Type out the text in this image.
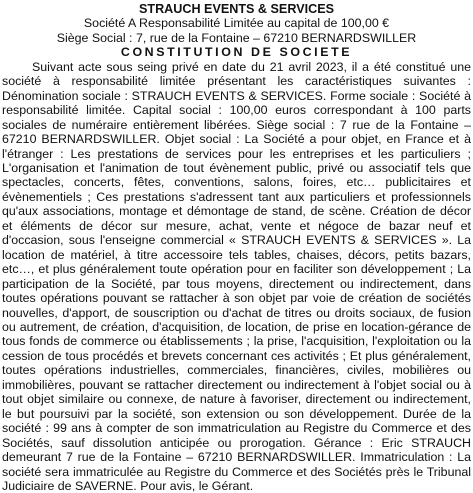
STRAUCH EVENTS & SERVICES
Société A Responsabilité Limitée au capital de 100,00 €
Siège Social : 7, rue de la Fontaine – 67210 BERNARDSWILLER
CONSTITUTION DE SOCIETE

Suivant acte sous seing privé en date du 21 avril 2023, il a été constitué une société à responsabilité limitée présentant les caractéristiques suivantes : Dénomination sociale : STRAUCH EVENTS & SERVICES. Forme sociale : Société à responsabilité limitée. Capital social : 100,00 euros correspondant à 100 parts sociales de numéraire entièrement libérées. Siège social : 7 rue de la Fontaine – 67210 BERNARDSWILLER. Objet social : La Société a pour objet, en France et à l'étranger : Les prestations de services pour les entreprises et les particuliers ; L'organisation et l'animation de tout évènement public, privé ou associatif tels que spectacles, concerts, fêtes, conventions, salons, foires, etc… publicitaires et évènementiels ; Ces prestations s'adressent tant aux particuliers et professionnels qu'aux associations, montage et démontage de stand, de scène. Création de décor et éléments de décor sur mesure, achat, vente et négoce de bazar neuf et d'occasion, sous l'enseigne commercial « STRAUCH EVENTS & SERVICES ». La location de matériel, à titre accessoire tels tables, chaises, décors, petits bazars, etc…, et plus généralement toute opération pour en faciliter son développement ; La participation de la Société, par tous moyens, directement ou indirectement, dans toutes opérations pouvant se rattacher à son objet par voie de création de sociétés nouvelles, d'apport, de souscription ou d'achat de titres ou droits sociaux, de fusion ou autrement, de création, d'acquisition, de location, de prise en location-gérance de tous fonds de commerce ou établissements ; la prise, l'acquisition, l'exploitation ou la cession de tous procédés et brevets concernant ces activités ; Et plus généralement, toutes opérations industrielles, commerciales, financières, civiles, mobilières ou immobilières, pouvant se rattacher directement ou indirectement à l'objet social ou à tout objet similaire ou connexe, de nature à favoriser, directement ou indirectement, le but poursuivi par la société, son extension ou son développement. Durée de la société : 99 ans à compter de son immatriculation au Registre du Commerce et des Sociétés, sauf dissolution anticipée ou prorogation. Gérance : Eric STRAUCH demeurant 7 rue de la Fontaine – 67210 BERNARDSWILLER. Immatriculation : La société sera immatriculée au Registre du Commerce et des Sociétés près le Tribunal Judiciaire de SAVERNE. Pour avis, le Gérant.
